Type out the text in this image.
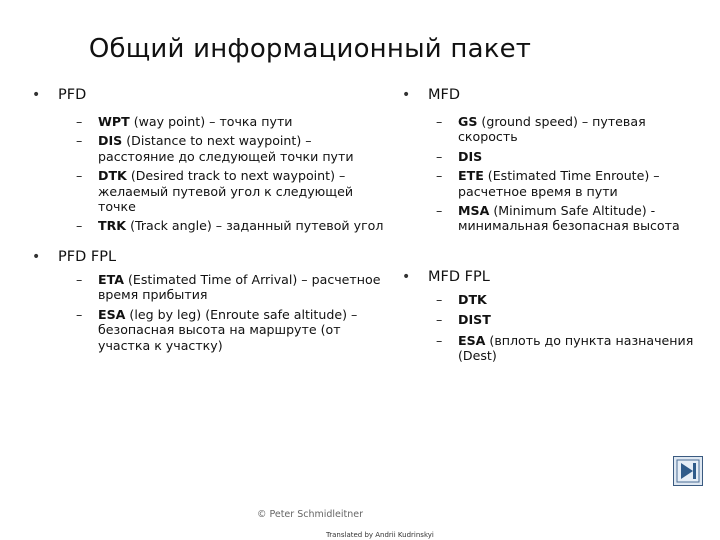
Общий информационный пакет
• PFD
– WPT (way point) – точка пути
– DIS (Distance to next waypoint) – расстояние до следующей точки пути
– DTK (Desired track to next waypoint) – желаемый путевой угол к следующей точке
– TRK (Track angle) – заданный путевой угол
• MFD
– GS (ground speed) – путевая скорость
– DIS
– ETE (Estimated Time Enroute) – расчетное время в пути
– MSA (Minimum Safe Altitude) - минимальная безопасная высота
• PFD FPL
– ETA (Estimated Time of Arrival) – расчетное время прибытия
– ESA (leg by leg) (Enroute safe altitude) – безопасная высота на маршруте (от участка к участку)
• MFD FPL
– DTK
– DIST
– ESA (вплоть до пункта назначения (Dest)
© Peter Schmidleitner
Translated by Andrii Kudrinskyi
